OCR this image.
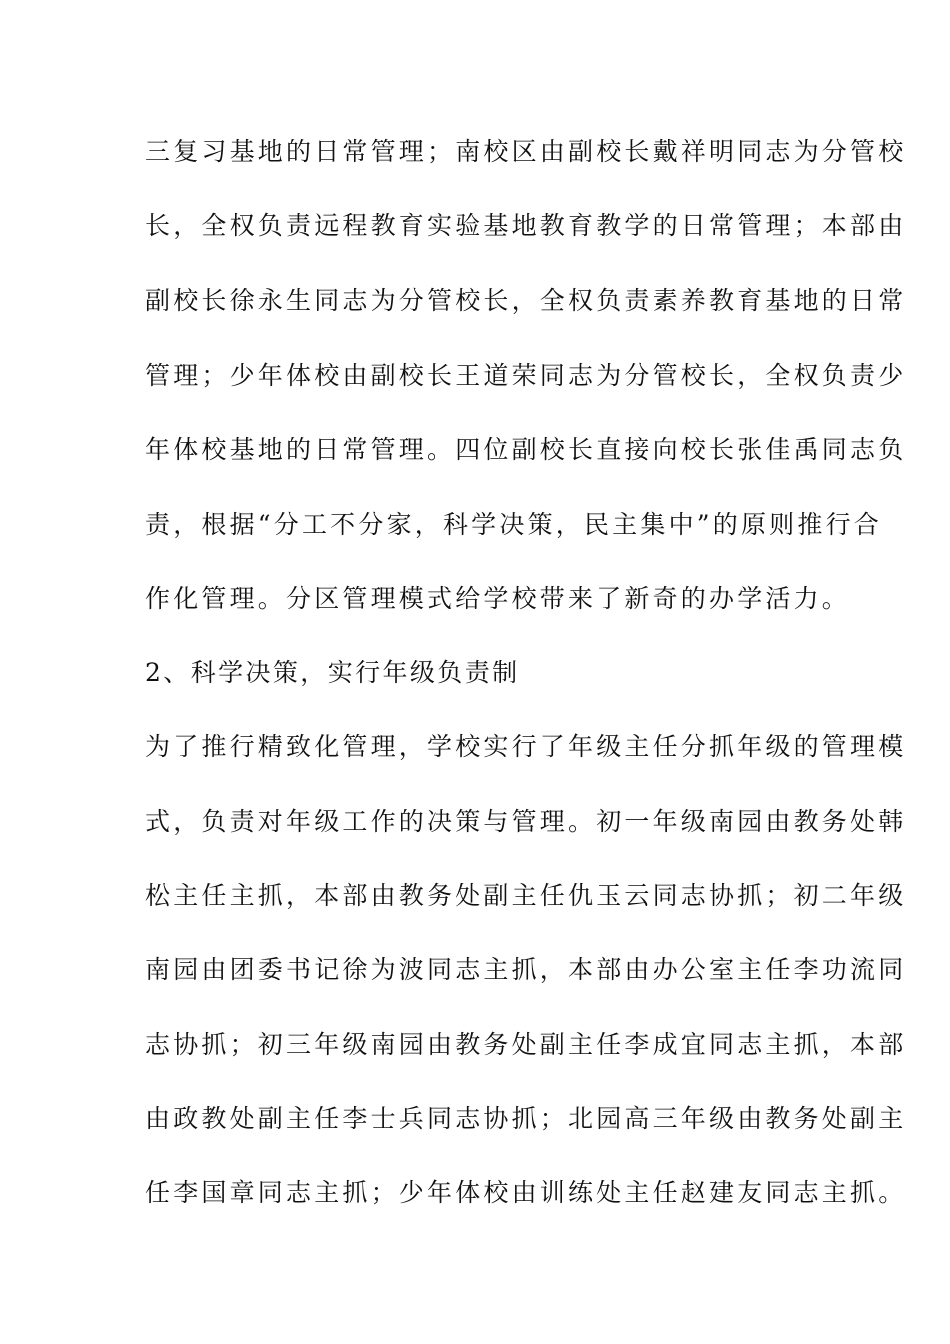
三复习基地的日常管理；南校区由副校长戴祥明同志为分管校
长，全权负责远程教育实验基地教育教学的日常管理；本部由
副校长徐永生同志为分管校长，全权负责素养教育基地的日常
管理；少年体校由副校长王道荣同志为分管校长，全权负责少
年体校基地的日常管理。四位副校长直接向校长张佳禹同志负
责，根据“分工不分家，科学决策，民主集中”的原则推行合
作化管理。分区管理模式给学校带来了新奇的办学活力。
2、科学决策，实行年级负责制
为了推行精致化管理，学校实行了年级主任分抓年级的管理模
式，负责对年级工作的决策与管理。初一年级南园由教务处韩
松主任主抓，本部由教务处副主任仇玉云同志协抓；初二年级
南园由团委书记徐为波同志主抓，本部由办公室主任李功流同
志协抓；初三年级南园由教务处副主任李成宜同志主抓，本部
由政教处副主任李士兵同志协抓；北园高三年级由教务处副主
任李国章同志主抓；少年体校由训练处主任赵建友同志主抓。
